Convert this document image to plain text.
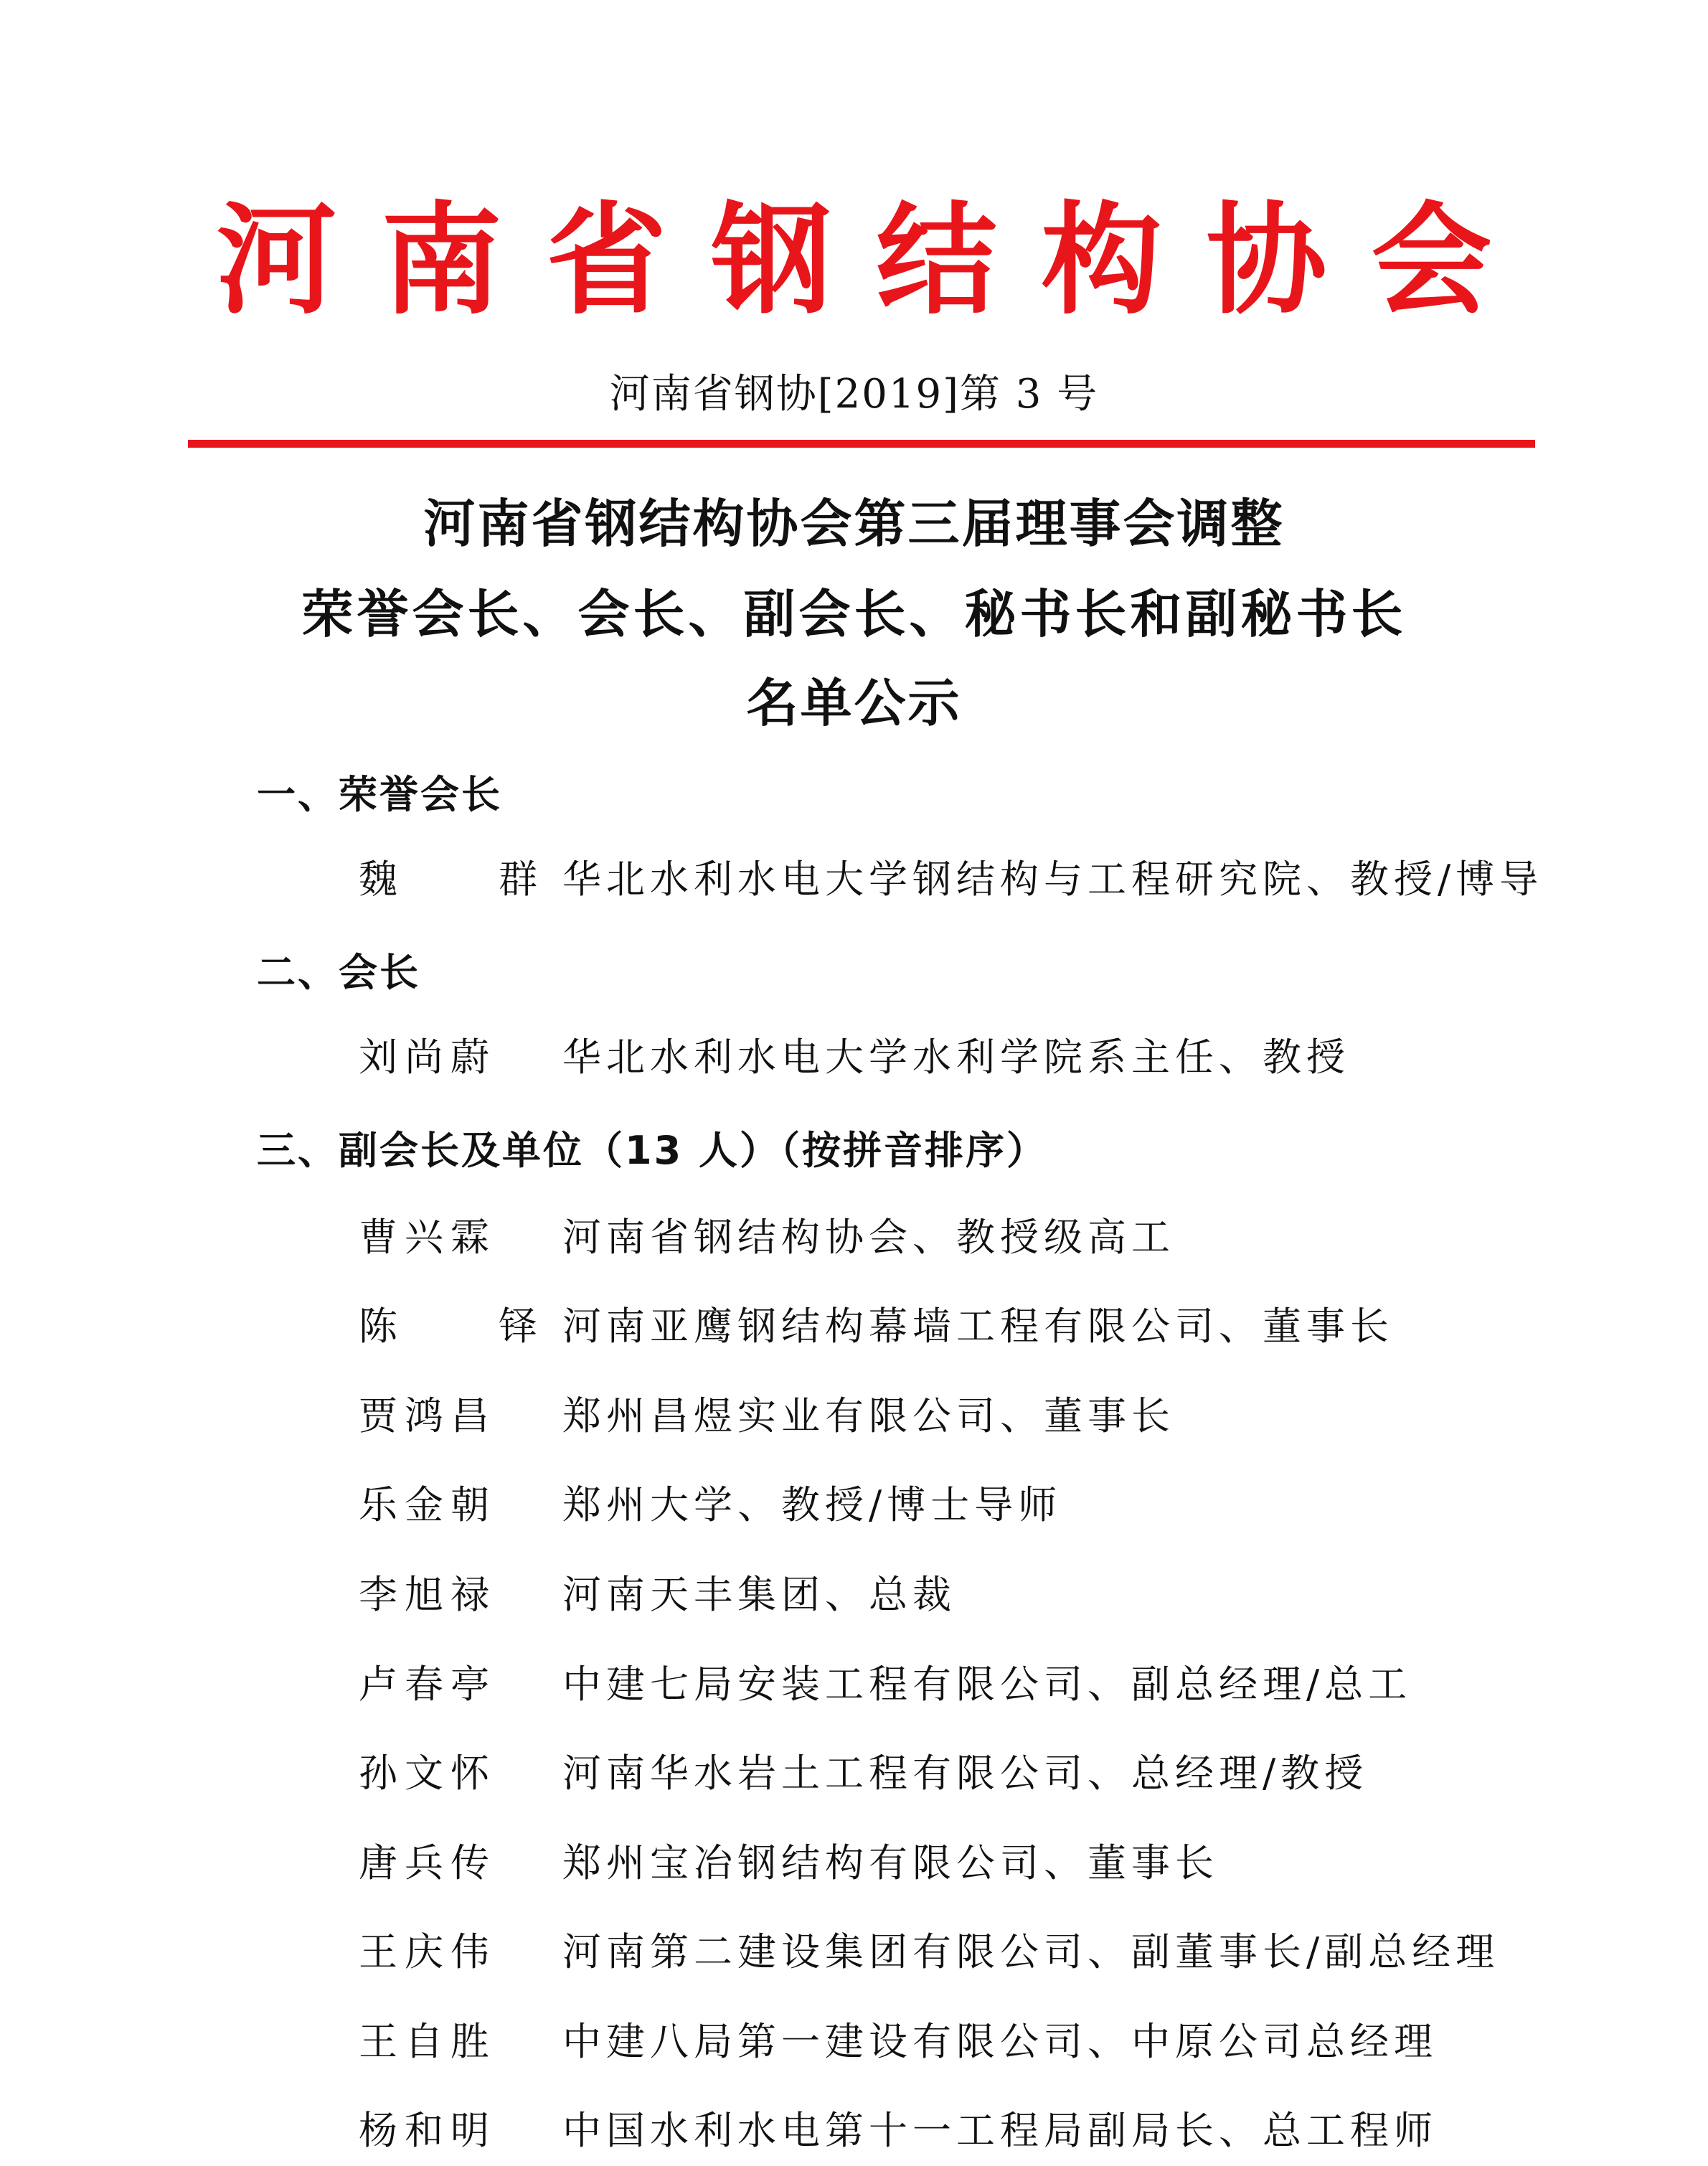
河南省钢结构协会
河南省钢协[2019]第 3 号
河南省钢结构协会第三届理事会调整
荣誉会长、会长、副会长、秘书长和副秘书长
名单公示
一、荣誉会长
魏 群
华北水利水电大学钢结构与工程研究院、教授/博导
二、会长
刘尚蔚 华北水利水电大学水利学院系主任、教授
三、副会长及单位（13 人）（按拼音排序）
曹兴霖 河南省钢结构协会、教授级高工
陈 铎
河南亚鹰钢结构幕墙工程有限公司、董事长
贾鸿昌 郑州昌煜实业有限公司、董事长
乐金朝 郑州大学、教授/博士导师
李旭禄 河南天丰集团、总裁
卢春亭 中建七局安装工程有限公司、副总经理/总工
孙文怀 河南华水岩土工程有限公司、总经理/教授
唐兵传 郑州宝冶钢结构有限公司、董事长
王庆伟 河南第二建设集团有限公司、副董事长/副总经理
王自胜 中建八局第一建设有限公司、中原公司总经理
杨和明 中国水利水电第十一工程局副局长、总工程师
